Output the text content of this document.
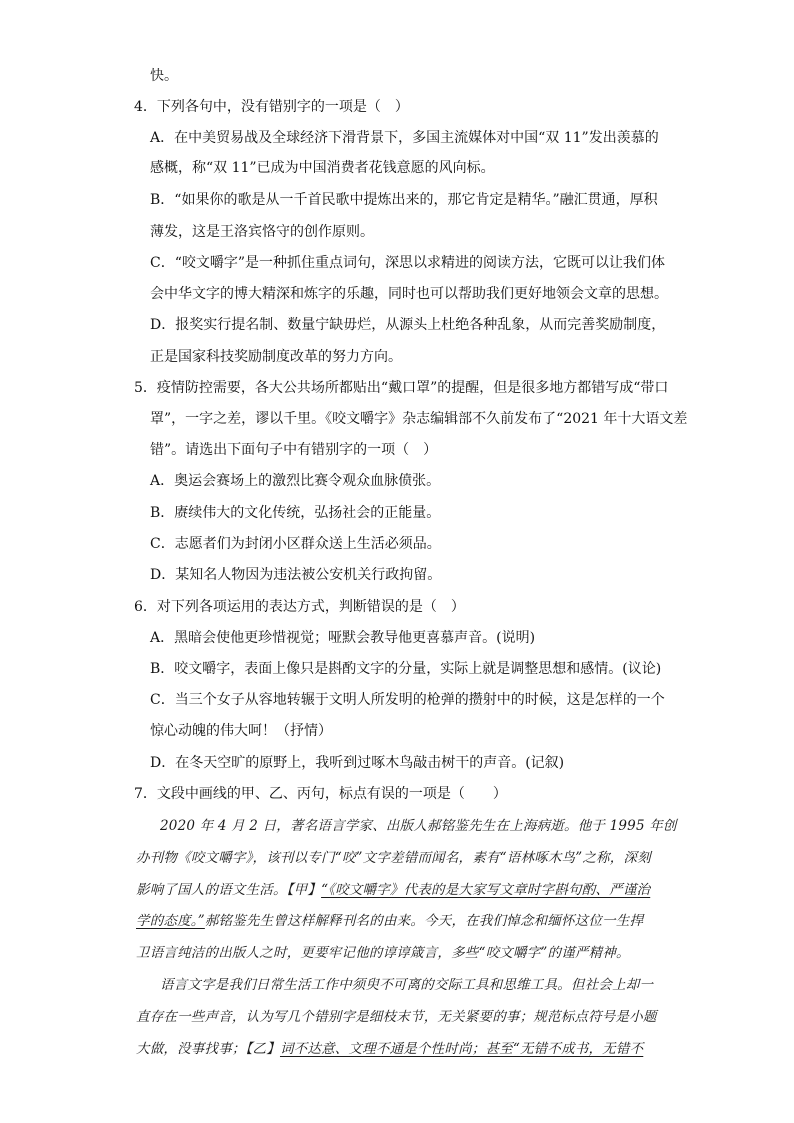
快。
4．下列各句中，没有错别字的一项是（　）
A．在中美贸易战及全球经济下滑背景下，多国主流媒体对中国“双 11”发出羡慕的
感概，称“双 11”已成为中国消费者花钱意愿的风向标。
B．“如果你的歌是从一千首民歌中提炼出来的，那它肯定是精华。”融汇贯通，厚积
薄发，这是王洛宾恪守的创作原则。
C．“咬文嚼字”是一种抓住重点词句，深思以求精进的阅读方法，它既可以让我们体
会中华文字的博大精深和炼字的乐趣，同时也可以帮助我们更好地领会文章的思想。
D．报奖实行提名制、数量宁缺毋烂，从源头上杜绝各种乱象，从而完善奖励制度，
正是国家科技奖励制度改革的努力方向。
5．疫情防控需要，各大公共场所都贴出“戴口罩”的提醒，但是很多地方都错写成“带口
罩”，一字之差，谬以千里。《咬文嚼字》杂志编辑部不久前发布了“2021 年十大语文差
错”。请选出下面句子中有错别字的一项（　）
A．奥运会赛场上的激烈比赛令观众血脉偾张。
B．赓续伟大的文化传统，弘扬社会的正能量。
C．志愿者们为封闭小区群众送上生活必须品。
D．某知名人物因为违法被公安机关行政拘留。
6．对下列各项运用的表达方式，判断错误的是（　）
A．黑暗会使他更珍惜视觉；哑默会教导他更喜慕声音。(说明)
B．咬文嚼字，表面上像只是斟酌文字的分量，实际上就是调整思想和感情。(议论)
C．当三个女子从容地转辗于文明人所发明的枪弹的攒射中的时候，这是怎样的一个
惊心动魄的伟大呵！（抒情）
D．在冬天空旷的原野上，我听到过啄木鸟敲击树干的声音。(记叙)
7．文段中画线的甲、乙、丙句，标点有误的一项是（　　）
2020 年 4 月 2 日，著名语言学家、出版人郝铭鉴先生在上海病逝。他于 1995 年创
办刊物《咬文嚼字》，该刊以专门“咬”文字差错而闻名，素有“语林啄木鸟”之称，深刻
影响了国人的语文生活。【甲】“《咬文嚼字》代表的是大家写文章时字斟句酌、严谨治
学的态度。”郝铭鉴先生曾这样解释刊名的由来。今天，在我们悼念和缅怀这位一生捍
卫语言纯洁的出版人之时，更要牢记他的谆谆箴言，多些“咬文嚼字”的谨严精神。
语言文字是我们日常生活工作中须臾不可离的交际工具和思维工具。但社会上却一
直存在一些声音，认为写几个错别字是细枝末节，无关紧要的事；规范标点符号是小题
大做，没事找事；【乙】词不达意、文理不通是个性时尚；甚至“无错不成书，无错不
